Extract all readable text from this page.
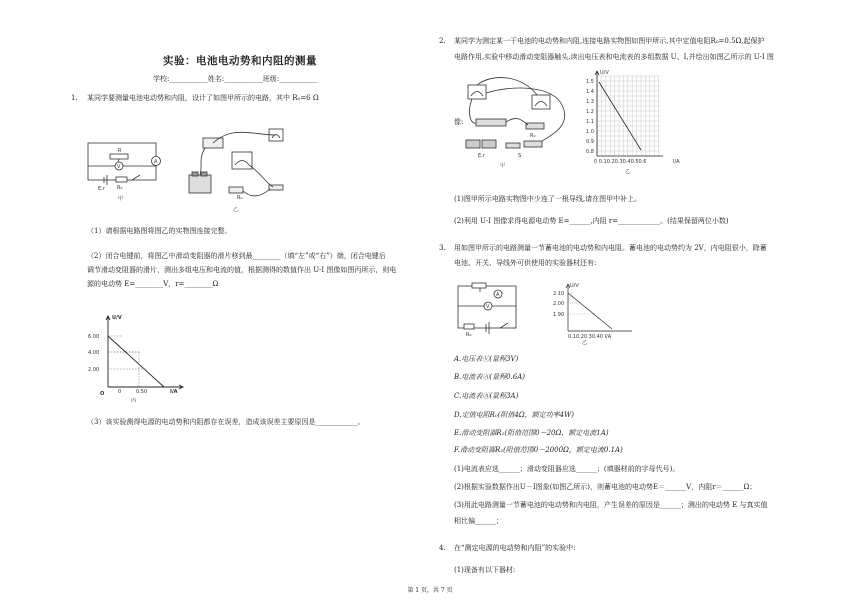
实验：电池电动势和内阻的测量
学校:___________姓名:___________班级:___________
1. 某同学要测量电池电动势和内阻，设计了如图甲所示的电路，其中 R₀=6 Ω
R
V
A
E,r R₀
甲	R₀
乙
（1）请根据电路图将图乙的实物图连接完整。
（2）闭合电键前，将图乙中滑动变阻器的滑片移到最________（填“左”或“右”）端，闭合电键后
调节滑动变阻器的滑片，测出多组电压和电流的值，根据测得的数值作出 U-I 图像如图丙所示，则电
源的电动势 E=________V，r=________Ω
U/V
6.00
4.00
2.00
O	0	0.50	I/A
丙
（3）该实验测得电源的电动势和内阻都存在误差，造成该误差主要原因是____________。
2. 某同学为测定某一干电池的电动势和内阻,连接电路实物图如图甲所示,其中定值电阻R₀=0.5Ω,起保护
电路作用,实验中移动滑动变阻器触头,读出电压表和电流表的多组数据 U、I,并绘出如图乙所示的 U-I 图
像:
R₀
E,r	S
甲
U/V
1.5
1.4
1.3
1.2
1.1
1.0
0.9
0.8
0 0.10.20.30.40.50.6	I/A
乙
(1)图甲所示电路实物图中少连了一根导线,请在图甲中补上。
(2)利用 U-I 图像求得电源电动势 E=______,内阻 r=____________。(结果保留两位小数)
3. 用如图甲所示的电路测量一节蓄电池的电动势和内电阻。蓄电池的电动势约为 2V，内电阻很小，除蓄
电池、开关、导线外可供使用的实验器材还有:
A
V
R₀
U/V
2.10
2.00
1.90
0.10.20.30.40 I/A
乙
A.电压表Ⓥ(量程3V)
B.电流表Ⓐ(量程0.6A)
C.电流表Ⓐ(量程3A)
D.定值电阻R₀(阻值4Ω，额定功率4W)
E.滑动变阻器R₁(阻值范围0－20Ω，额定电流1A)
F.滑动变阻器R₂(阻值范围0－2000Ω，额定电流0.1A)
(1)电流表应选______；滑动变阻器应选______；(填器材前的字母代号)。
(2)根据实验数据作出U－I图象(如图乙所示)，则蓄电池的电动势E＝______V，内阻r＝______Ω；
(3)用此电路测量一节蓄电池的电动势和内电阻，产生误差的原因是______；测出的电动势 E 与真实值
相比偏______；
4. 在“测定电源的电动势和内阻”的实验中:
(1)现备有以下器材:
第 1 页，共 7 页
